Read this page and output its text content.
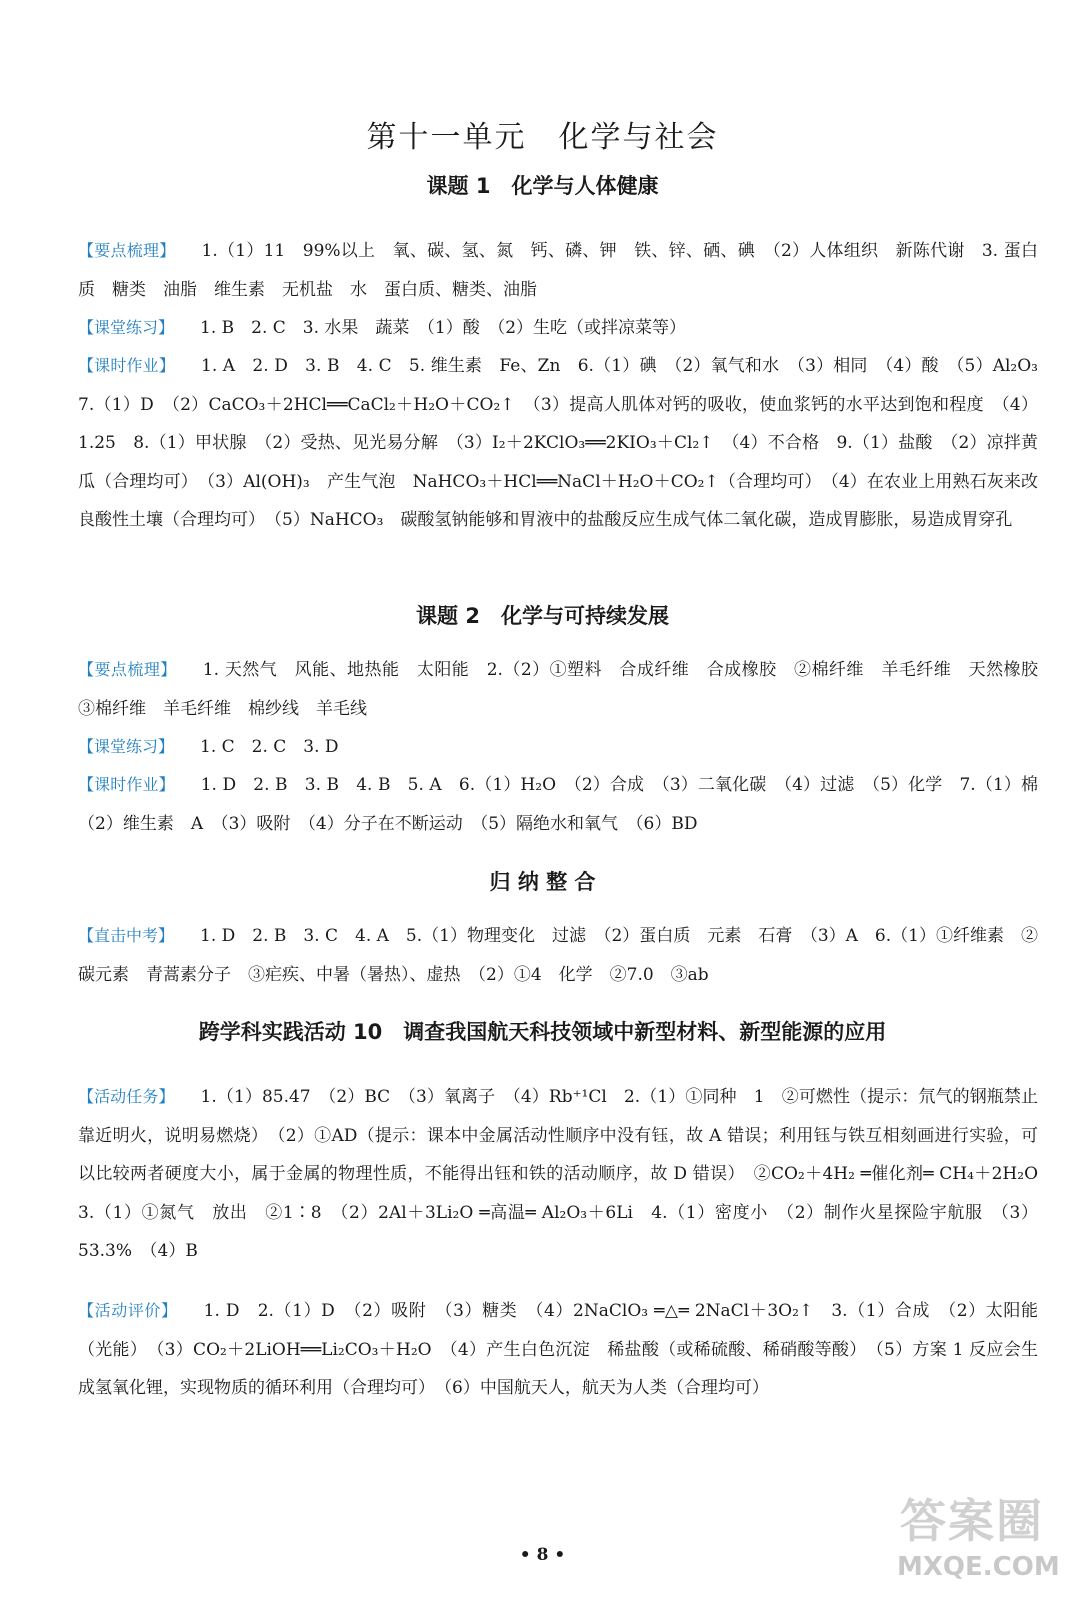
第十一单元　化学与社会
课题 1　化学与人体健康
【要点梳理】 1.（1）11　99%以上　氧、碳、氢、氮　钙、磷、钾　铁、锌、硒、碘　（2）人体组织　新陈代谢　3. 蛋白质　糖类　油脂　维生素　无机盐　水　蛋白质、糖类、油脂
【课堂练习】 1. B　2. C　3. 水果　蔬菜　（1）酸　（2）生吃（或拌凉菜等）
【课时作业】 1. A　2. D　3. B　4. C　5. 维生素　Fe、Zn　6.（1）碘　（2）氧气和水　（3）相同　（4）酸　（5）Al₂O₃　7.（1）D　（2）CaCO₃＋2HCl══CaCl₂＋H₂O＋CO₂↑　（3）提高人肌体对钙的吸收，使血浆钙的水平达到饱和程度　（4）1.25　8.（1）甲状腺　（2）受热、见光易分解　（3）I₂＋2KClO₃══2KIO₃＋Cl₂↑　（4）不合格　9.（1）盐酸　（2）凉拌黄瓜（合理均可）　（3）Al(OH)₃　产生气泡　NaHCO₃＋HCl══NaCl＋H₂O＋CO₂↑（合理均可）　（4）在农业上用熟石灰来改良酸性土壤（合理均可）　（5）NaHCO₃　碳酸氢钠能够和胃液中的盐酸反应生成气体二氧化碳，造成胃膨胀，易造成胃穿孔
课题 2　化学与可持续发展
【要点梳理】 1. 天然气　风能、地热能　太阳能　2.（2）①塑料　合成纤维　合成橡胶　②棉纤维　羊毛纤维　天然橡胶　③棉纤维　羊毛纤维　棉纱线　羊毛线
【课堂练习】 1. C　2. C　3. D
【课时作业】 1. D　2. B　3. B　4. B　5. A　6.（1）H₂O　（2）合成　（3）二氧化碳　（4）过滤　（5）化学　7.（1）棉　（2）维生素　A　（3）吸附　（4）分子在不断运动　（5）隔绝水和氧气　（6）BD
归 纳 整 合
【直击中考】 1. D　2. B　3. C　4. A　5.（1）物理变化　过滤　（2）蛋白质　元素　石膏　（3）A　6.（1）①纤维素　②碳元素　青蒿素分子　③疟疾、中暑（暑热）、虚热　（2）①4　化学　②7.0　③ab
跨学科实践活动 10　调查我国航天科技领域中新型材料、新型能源的应用
【活动任务】 1.（1）85.47　（2）BC　（3）氧离子　（4）Rb⁺¹Cl　2.（1）①同种　1　②可燃性（提示：氘气的钢瓶禁止靠近明火，说明易燃烧）　（2）①AD（提示：课本中金属活动性顺序中没有钰，故 A 错误；利用钰与铁互相刻画进行实验，可以比较两者硬度大小，属于金属的物理性质，不能得出钰和铁的活动顺序，故 D 错误）　②CO₂＋4H₂ ═催化剂═ CH₄＋2H₂O　3.（1）①氮气　放出　②1∶8　（2）2Al＋3Li₂O ═高温═ Al₂O₃＋6Li　4.（1）密度小　（2）制作火星探险宇航服　（3）53.3%　（4）B
【活动评价】 1. D　2.（1）D　（2）吸附　（3）糖类　（4）2NaClO₃ ═△═ 2NaCl＋3O₂↑　3.（1）合成　（2）太阳能（光能）　（3）CO₂＋2LiOH══Li₂CO₃＋H₂O　（4）产生白色沉淀　稀盐酸（或稀硫酸、稀硝酸等酸）　（5）方案 1 反应会生成氢氧化锂，实现物质的循环利用（合理均可）　（6）中国航天人，航天为人类（合理均可）
• 8 •
答案圈
MXQE.COM
